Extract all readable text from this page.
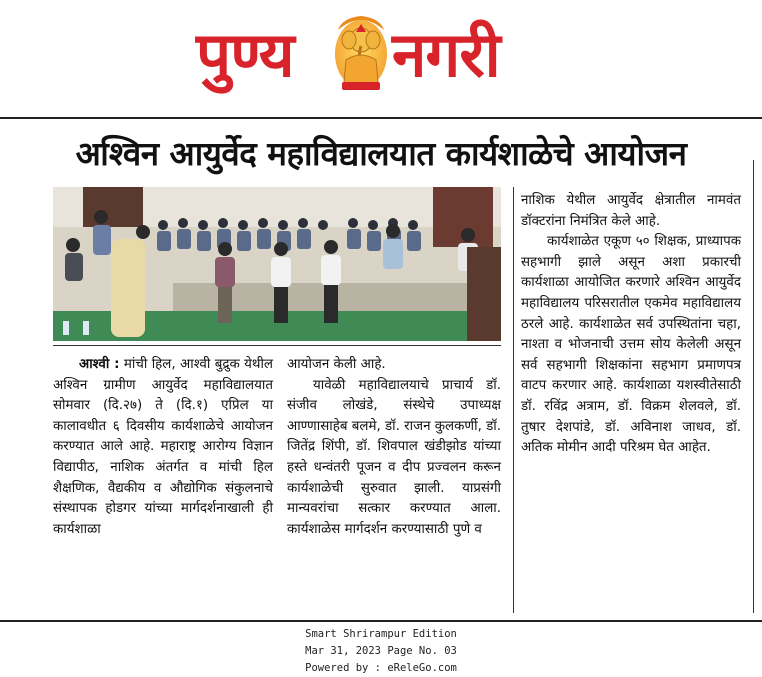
पुण्य नगरी
अश्विन आयुर्वेद महाविद्यालयात कार्यशाळेचे आयोजन

आश्वी : मांची हिल, आश्वी बुद्रुक येथील अश्विन ग्रामीण आयुर्वेद महाविद्यालयात सोमवार (दि.२७) ते (दि.१) एप्रिल या कालावधीत ६ दिवसीय कार्यशाळेचे आयोजन करण्यात आले आहे. महाराष्ट्र आरोग्य विज्ञान विद्यापीठ, नाशिक अंतर्गत व मांची हिल शैक्षणिक, वैद्यकीय व औद्योगिक संकुलनाचे संस्थापक होडगर यांच्या मार्गदर्शनाखाली ही कार्यशाळा

आयोजन केली आहे.

यावेळी महाविद्यालयाचे प्राचार्य डॉ. संजीव लोखंडे, संस्थेचे उपाध्यक्ष आण्णासाहेब बलमे, डॉ. राजन कुलकर्णी, डॉ. जितेंद्र शिंपी, डॉ. शिवपाल खंडीझोड यांच्या हस्ते धन्वंतरी पूजन व दीप प्रज्वलन करून कार्यशाळेची सुरुवात झाली. याप्रसंगी मान्यवरांचा सत्कार करण्यात आला. कार्यशाळेस मार्गदर्शन करण्यासाठी पुणे व

नाशिक येथील आयुर्वेद क्षेत्रातील नामवंत डॉक्टरांना निमंत्रित केले आहे.

कार्यशाळेत एकूण ५० शिक्षक, प्राध्यापक सहभागी झाले असून अशा प्रकारची कार्यशाळा आयोजित करणारे अश्विन आयुर्वेद महाविद्यालय परिसरातील एकमेव महाविद्यालय ठरले आहे. कार्यशाळेत सर्व उपस्थितांना चहा, नाश्ता व भोजनाची उत्तम सोय केलेली असून सर्व सहभागी शिक्षकांना सहभाग प्रमाणपत्र वाटप करणार आहे. कार्यशाळा यशस्वीतेसाठी डॉ. रविंद्र अत्राम, डॉ. विक्रम शेलवले, डॉ. तुषार देशपांडे, डॉ. अविनाश जाधव, डॉ. अतिक मोमीन आदी परिश्रम घेत आहेत.

Smart Shrirampur Edition
Mar 31, 2023 Page No. 03
Powered by : eReleGo.com
